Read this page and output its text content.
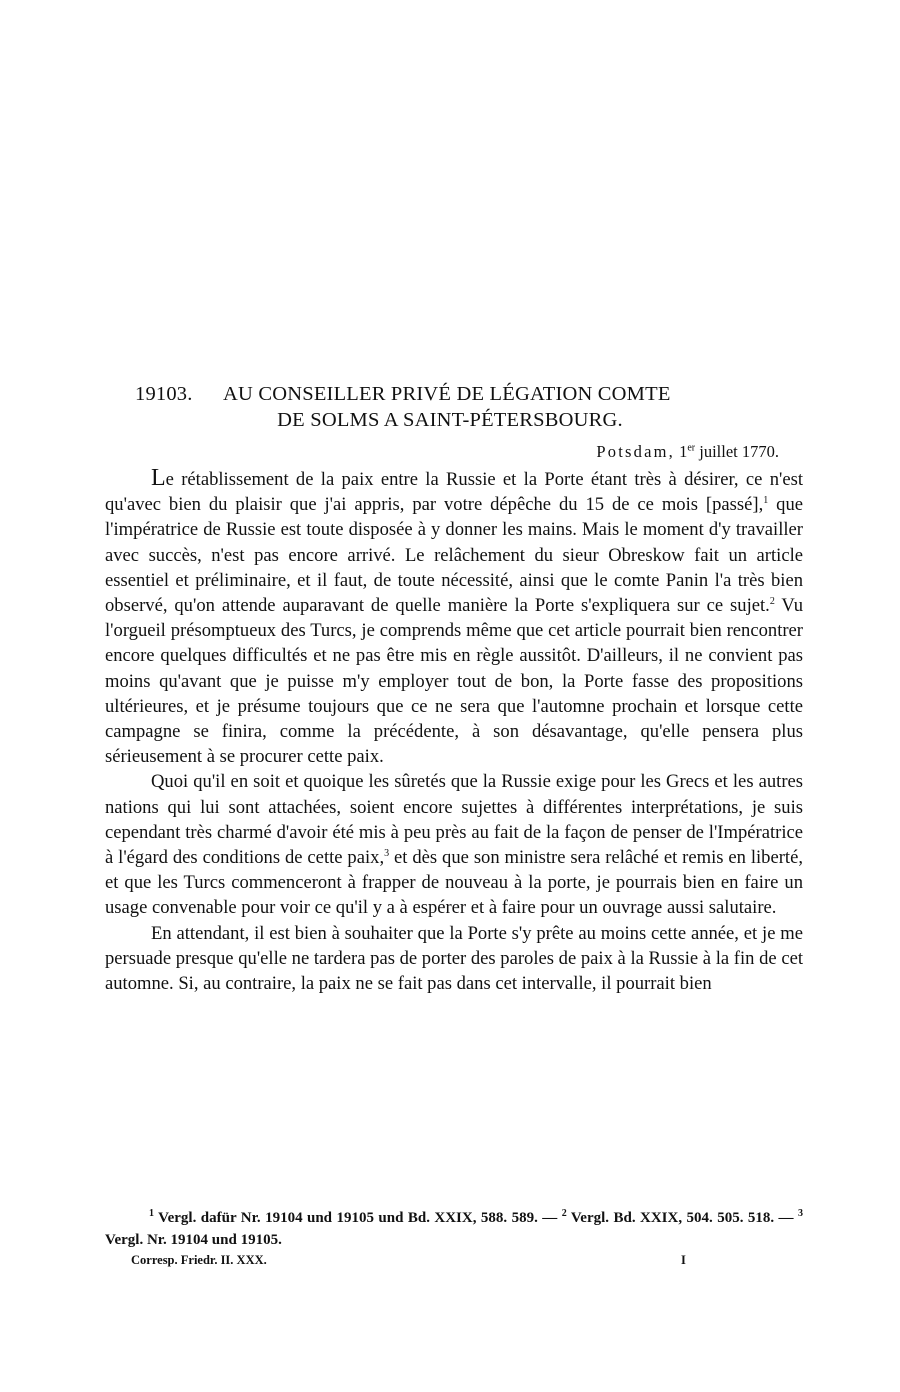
19103. AU CONSEILLER PRIVÉ DE LÉGATION COMTE
DE SOLMS A SAINT-PÉTERSBOURG.
Potsdam, 1er juillet 1770.

Le rétablissement de la paix entre la Russie et la Porte étant très à désirer, ce n'est qu'avec bien du plaisir que j'ai appris, par votre dépêche du 15 de ce mois [passé],$^1$ que l'impératrice de Russie est toute disposée à y donner les mains. Mais le moment d'y travailler avec succès, n'est pas encore arrivé. Le relâchement du sieur Obreskow fait un article essentiel et préliminaire, et il faut, de toute nécessité, ainsi que le comte Panin l'a très bien observé, qu'on attende auparavant de quelle manière la Porte s'expliquera sur ce sujet.$^2$ Vu l'orgueil présomptueux des Turcs, je comprends même que cet article pourrait bien rencontrer encore quelques difficultés et ne pas être mis en règle aussitôt. D'ailleurs, il ne convient pas moins qu'avant que je puisse m'y employer tout de bon, la Porte fasse des propositions ultérieures, et je présume toujours que ce ne sera que l'automne prochain et lorsque cette campagne se finira, comme la précédente, à son désavantage, qu'elle pensera plus sérieusement à se procurer cette paix.

Quoi qu'il en soit et quoique les sûretés que la Russie exige pour les Grecs et les autres nations qui lui sont attachées, soient encore sujettes à différentes interprétations, je suis cependant très charmé d'avoir été mis à peu près au fait de la façon de penser de l'Impératrice à l'égard des conditions de cette paix,$^3$ et dès que son ministre sera relâché et remis en liberté, et que les Turcs commenceront à frapper de nouveau à la porte, je pourrais bien en faire un usage convenable pour voir ce qu'il y a à espérer et à faire pour un ouvrage aussi salutaire.

En attendant, il est bien à souhaiter que la Porte s'y prête au moins cette année, et je me persuade presque qu'elle ne tardera pas de porter des paroles de paix à la Russie à la fin de cet automne. Si, au contraire, la paix ne se fait pas dans cet intervalle, il pourrait bien

$^1$ Vergl. dafür Nr. 19104 und 19105 und Bd. XXIX, 588. 589. — $^2$ Vergl. Bd. XXIX, 504. 505. 518. — $^3$ Vergl. Nr. 19104 und 19105.

Corresp. Friedr. II. XXX.	I
